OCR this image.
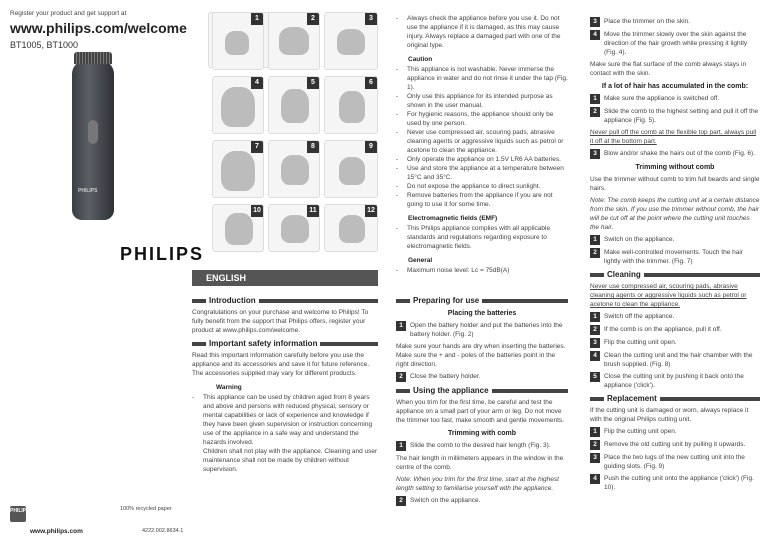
Register your product and get support at
www.philips.com/welcome
BT1005, BT1000
PHILIPS
1	2	3
4	5	6
7	8	9
10	11	12
PHILIPS
ENGLISH
Introduction
Congratulations on your purchase and welcome to Philips! To fully benefit from the support that Philips offers, register your product at www.philips.com/welcome.
Important safety information
Read this important information carefully before you use the appliance and its accessories and save it for future reference. The accessories supplied may vary for different products.
Warning
-	This appliance can be used by children aged from 8 years and above and persons with reduced physical, sensory or mental capabilities or lack of experience and knowledge if they have been given supervision or instruction concerning use of the appliance in a safe way and understand the hazards involved.
Children shall not play with the appliance. Cleaning and user maintenance shall not be made by children without supervision.
-	Always check the appliance before you use it. Do not use the appliance if it is damaged, as this may cause injury. Always replace a damaged part with one of the original type.
Caution
-	This appliance is not washable. Never immerse the appliance in water and do not rinse it under the tap (Fig. 1).
-	Only use this appliance for its intended purpose as shown in the user manual.
-	For hygienic reasons, the appliance should only be used by one person.
-	Never use compressed air, scouring pads, abrasive cleaning agents or aggressive liquids such as petrol or acetone to clean the appliance.
-	Only operate the appliance on 1.5V LR6 AA batteries.
-	Use and store the appliance at a temperature between 15°C and 35°C.
-	Do not expose the appliance to direct sunlight.
-	Remove batteries from the appliance if you are not going to use it for some time.
Electromagnetic fields (EMF)
-	This Philips appliance complies with all applicable standards and regulations regarding exposure to electromagnetic fields.
General
-	Maximum noise level: Lc = 75dB(A)
Preparing for use
Placing the batteries
1	Open the battery holder and put the batteries into the battery holder. (Fig. 2)
Make sure your hands are dry when inserting the batteries.
Make sure the + and - poles of the batteries point in the right direction.
2	Close the battery holder.
Using the appliance
When you trim for the first time, be careful and test the appliance on a small part of your arm or leg. Do not move the trimmer too fast, make smooth and gentle movements.
Trimming with comb
1	Slide the comb to the desired hair length (Fig. 3).
The hair length in millimeters appears in the window in the centre of the comb.
Note: When you trim for the first time, start at the highest length setting to familiarise yourself with the appliance.
2	Switch on the appliance.
3	Place the trimmer on the skin.
4	Move the trimmer slowly over the skin against the direction of the hair growth while pressing it lightly (Fig. 4).
Make sure the flat surface of the comb always stays in contact with the skin.
If a lot of hair has accumulated in the comb:
1	Make sure the appliance is switched off.
2	Slide the comb to the highest setting and pull it off the appliance (Fig. 5).
Never pull off the comb at the flexible top part, always pull it off at the bottom part.
3	Blow and/or shake the hairs out of the comb (Fig. 6).
Trimming without comb
Use the trimmer without comb to trim full beards and single hairs.
Note: The comb keeps the cutting unit at a certain distance from the skin. If you use the trimmer without comb, the hair will be cut off at the point where the cutting unit touches the hair.
1	Switch on the appliance.
2	Make well-controlled movements. Touch the hair lightly with the trimmer. (Fig. 7)
Cleaning
Never use compressed air, scouring pads, abrasive cleaning agents or aggressive liquids such as petrol or acetone to clean the appliance.
1	Switch off the appliance.
2	If the comb is on the appliance, pull it off.
3	Flip the cutting unit open.
4	Clean the cutting unit and the hair chamber with the brush supplied. (Fig. 8)
5	Close the cutting unit by pushing it back onto the appliance ('click').
Replacement
If the cutting unit is damaged or worn, always replace it with the original Philips cutting unit.
1	Flip the cutting unit open.
2	Remove the old cutting unit by pulling it upwards.
3	Place the two lugs of the new cutting unit into the guiding slots. (Fig. 9)
4	Push the cutting unit onto the appliance ('click') (Fig. 10).
PHILIPS	100% recycled paper
www.philips.com	4222.002.8634.1
